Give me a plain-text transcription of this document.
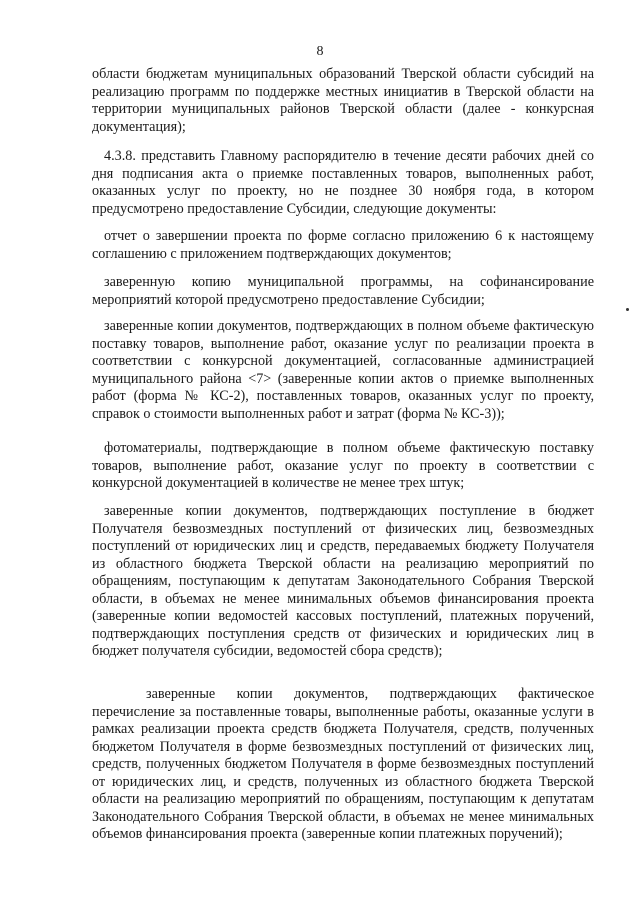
8

области бюджетам муниципальных образований Тверской области субсидий на реализацию программ по поддержке местных инициатив в Тверской области на территории муниципальных районов Тверской области (далее - конкурсная документация);

4.3.8. представить Главному распорядителю в течение десяти рабочих дней со дня подписания акта о приемке поставленных товаров, выполненных работ, оказанных услуг по проекту, но не позднее 30 ноября года, в котором предусмотрено предоставление Субсидии, следующие документы:

отчет о завершении проекта по форме согласно приложению 6 к настоящему соглашению с приложением подтверждающих документов;

заверенную копию муниципальной программы, на софинансирование мероприятий которой предусмотрено предоставление Субсидии;

заверенные копии документов, подтверждающих в полном объеме фактическую поставку товаров, выполнение работ, оказание услуг по реализации проекта в соответствии с конкурсной документацией, согласованные администрацией муниципального района <7> (заверенные копии актов о приемке выполненных работ (форма № КС-2), поставленных товаров, оказанных услуг по проекту, справок о стоимости выполненных работ и затрат (форма № КС-3));

фотоматериалы, подтверждающие в полном объеме фактическую поставку товаров, выполнение работ, оказание услуг по проекту в соответствии с конкурсной документацией в количестве не менее трех штук;

заверенные копии документов, подтверждающих поступление в бюджет Получателя безвозмездных поступлений от физических лиц, безвозмездных поступлений от юридических лиц и средств, передаваемых бюджету Получателя из областного бюджета Тверской области на реализацию мероприятий по обращениям, поступающим к депутатам Законодательного Собрания Тверской области, в объемах не менее минимальных объемов финансирования проекта (заверенные копии ведомостей кассовых поступлений, платежных поручений, подтверждающих поступления средств от физических и юридических лиц в бюджет получателя субсидии, ведомостей сбора средств);

заверенные копии документов, подтверждающих фактическое перечисление за поставленные товары, выполненные работы, оказанные услуги в рамках реализации проекта средств бюджета Получателя, средств, полученных бюджетом Получателя в форме безвозмездных поступлений от физических лиц, средств, полученных бюджетом Получателя в форме безвозмездных поступлений от юридических лиц, и средств, полученных из областного бюджета Тверской области на реализацию мероприятий по обращениям, поступающим к депутатам Законодательного Собрания Тверской области, в объемах не менее минимальных объемов финансирования проекта (заверенные копии платежных поручений);
